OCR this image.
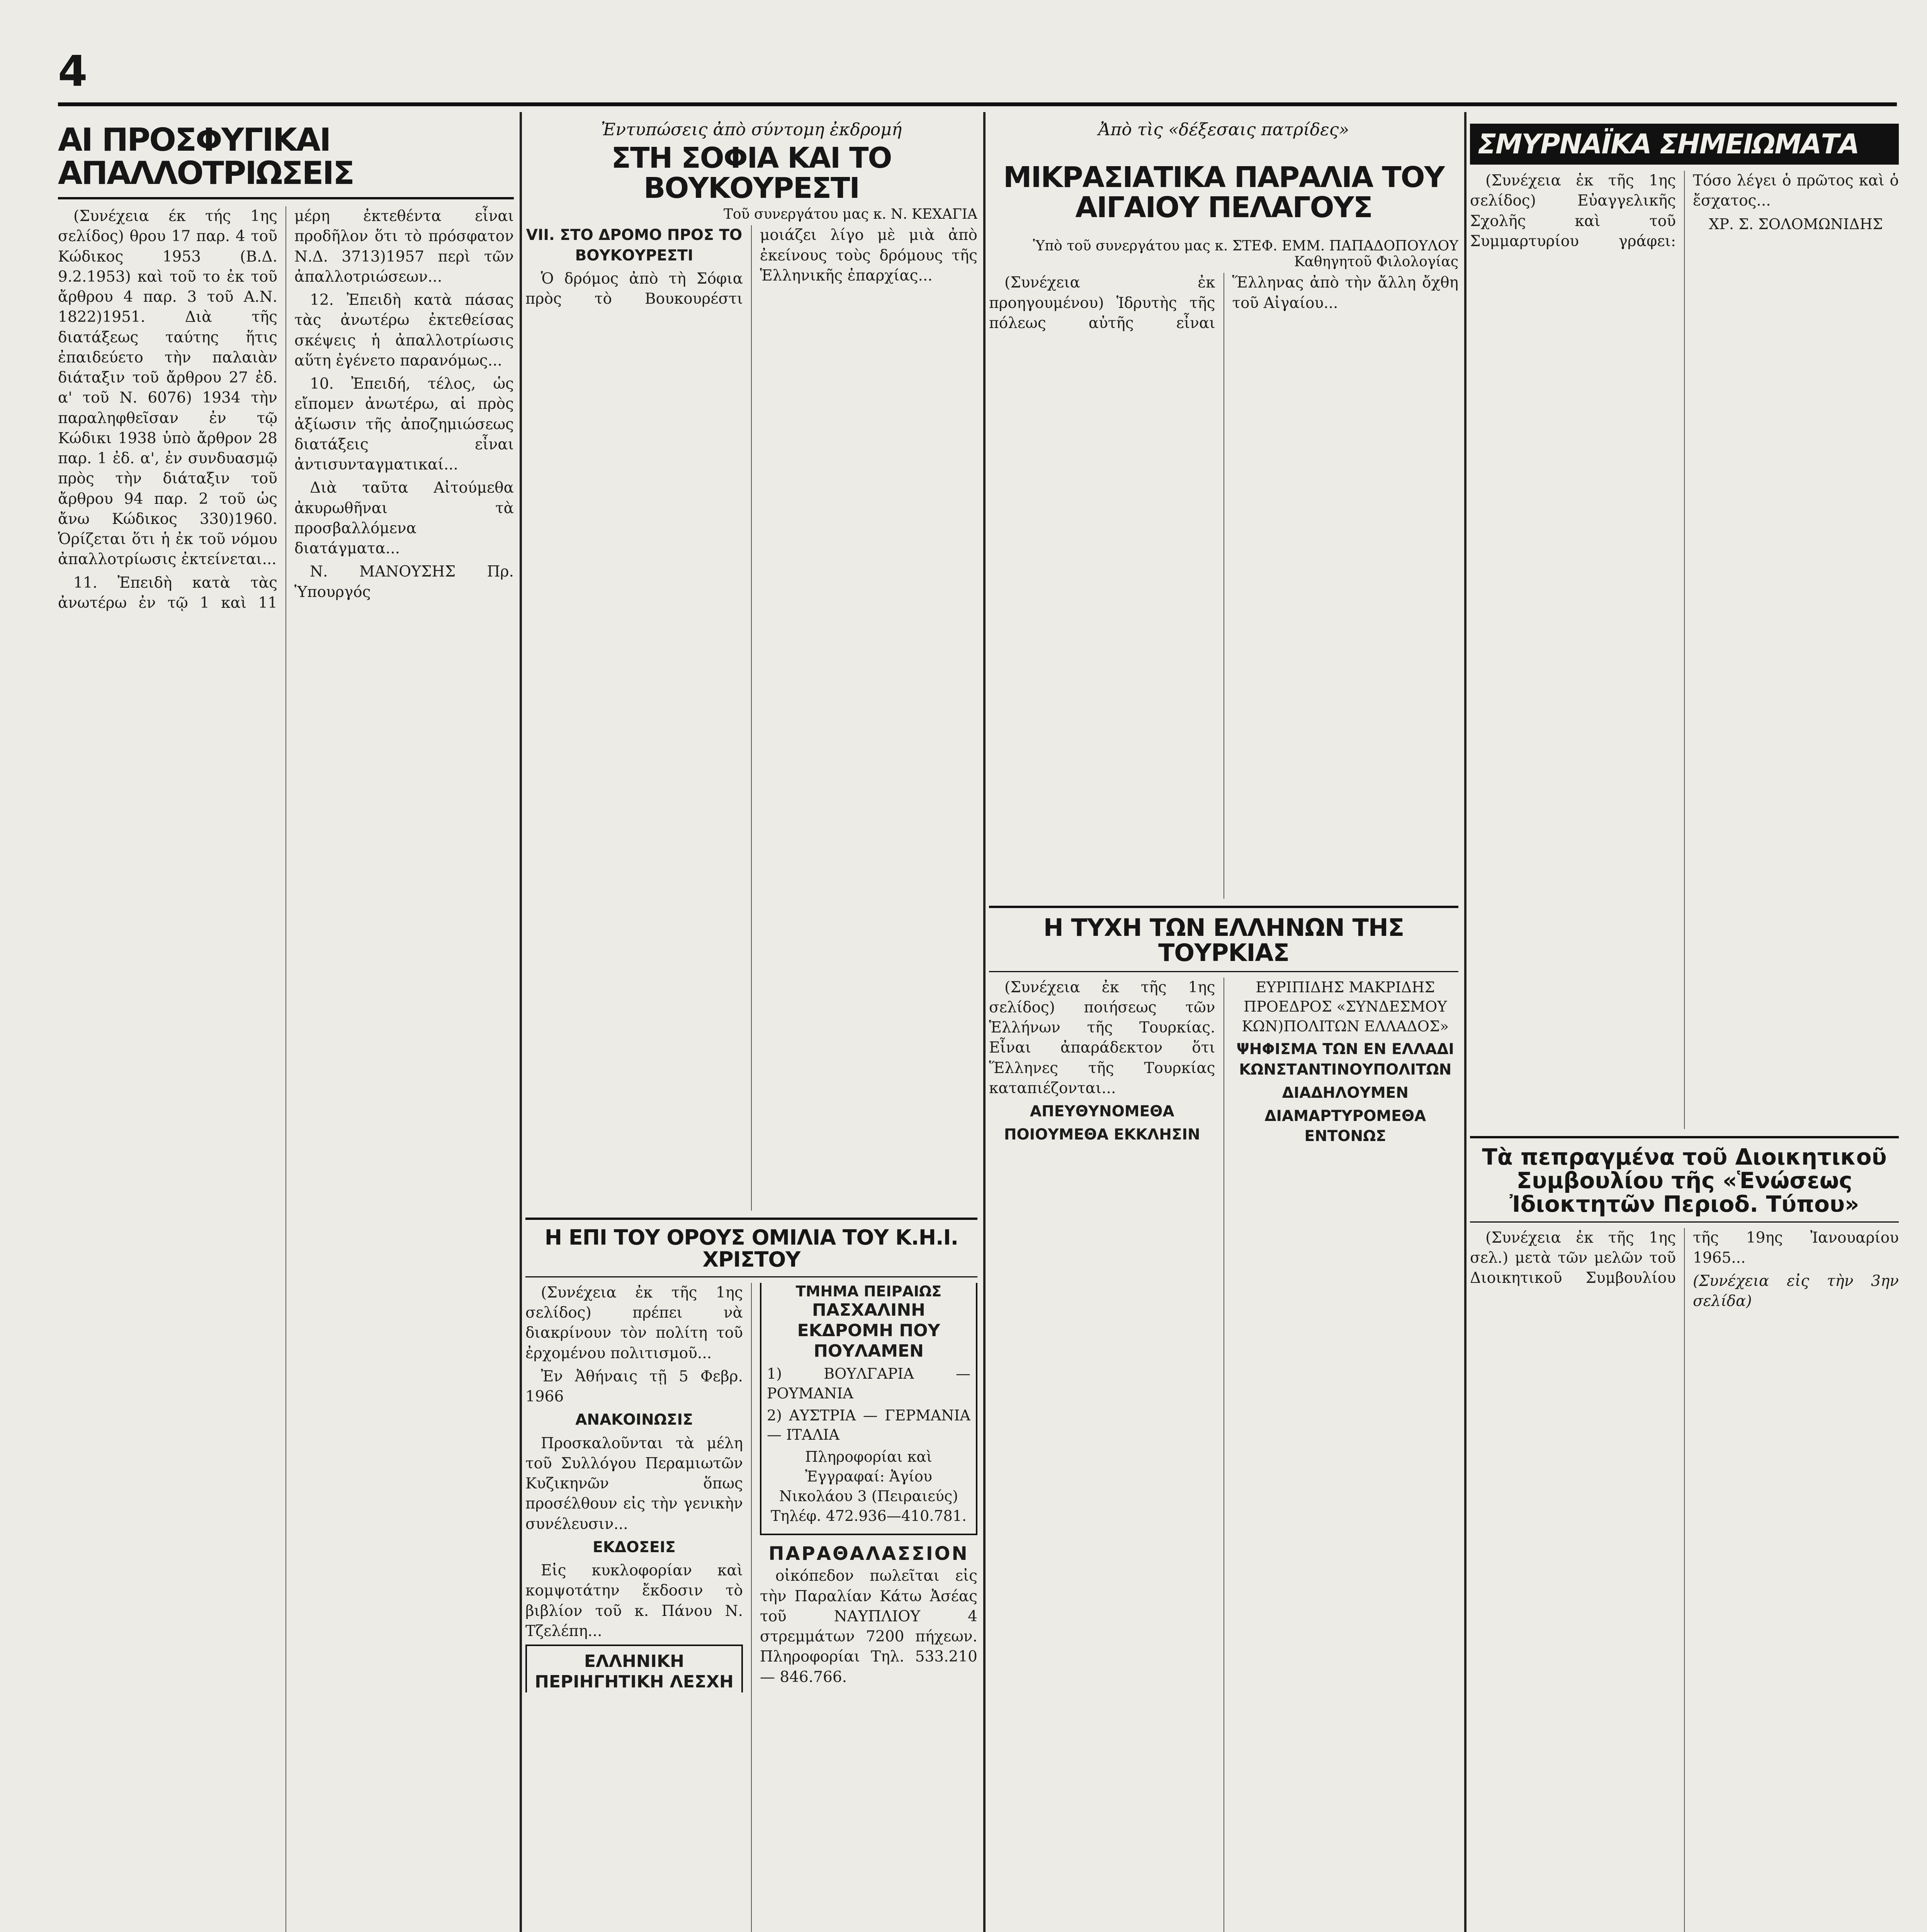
4
ΑΙ ΠΡΟΣΦΥΓΙΚΑΙ ΑΠΑΛΛΟΤΡΙΩΣΕΙΣ

(Συνέχεια έκ τής 1ης σελίδος) θρου 17 παρ. 4 τοῦ Κώδικος 1953 (Β.Δ. 9.2.1953) καὶ τοῦ το ἐκ τοῦ ἄρθρου 4 παρ. 3 τοῦ Α.Ν. 1822)1951. Διὰ τῆς διατάξεως ταύτης ἥτις ἐπαιδεύετο τὴν παλαιὰν διάταξιν τοῦ ἄρθρου 27 ἐδ. α' τοῦ Ν. 6076) 1934 τὴν παραληφθεῖσαν ἐν τῷ Κώδικι 1938 ὑπὸ ἄρθρον 28 παρ. 1 ἐδ. α', ἐν συνδυασμῷ πρὸς τὴν διάταξιν τοῦ ἄρθρου 94 παρ. 2 τοῦ ὡς ἄνω Κώδικος 330)1960. Ὁρίζεται ὅτι ἡ ἐκ τοῦ νόμου ἀπαλλοτρίωσις ἐκτείνεται...

11. Ἐπειδὴ κατὰ τὰς ἀνωτέρω ἐν τῷ 1 καὶ 11 μέρη ἐκτεθέντα εἶναι προδῆλον ὅτι τὸ πρόσφατον Ν.Δ. 3713)1957 περὶ τῶν ἀπαλλοτριώσεων...

12. Ἐπειδὴ κατὰ πάσας τὰς ἀνωτέρω ἐκτεθείσας σκέψεις ἡ ἀπαλλοτρίωσις αὕτη ἐγένετο παρανόμως...

10. Ἐπειδή, τέλος, ὡς εἴπομεν ἀνωτέρω, αἱ πρὸς ἀξίωσιν τῆς ἀποζημιώσεως διατάξεις εἶναι ἀντισυνταγματικαί...

Διὰ ταῦτα Αἰτούμεθα ἀκυρωθῆναι τὰ προσβαλλόμενα διατάγματα...

Ν. ΜΑΝΟΥΣΗΣ Πρ. Ὑπουργός

Ἐντυπώσεις ἀπὸ σύντομη ἐκδρομή
ΣΤΗ ΣΟΦΙΑ ΚΑΙ ΤΟ ΒΟΥΚΟΥΡΕΣΤΙ
Τοῦ συνεργάτου μας κ. Ν. ΚΕΧΑΓΙΑ

VII. ΣΤΟ ΔΡΟΜΟ ΠΡΟΣ ΤΟ ΒΟΥΚΟΥΡΕΣΤΙ

Ὁ δρόμος ἀπὸ τὴ Σόφια πρὸς τὸ Βουκουρέστι μοιάζει λίγο μὲ μιὰ ἀπὸ ἐκείνους τοὺς δρόμους τῆς Ἑλληνικῆς ἐπαρχίας...

Η ΕΠΙ ΤΟΥ ΟΡΟΥΣ ΟΜΙΛΙΑ ΤΟΥ Κ.Η.Ι. ΧΡΙΣΤΟΥ

(Συνέχεια ἐκ τῆς 1ης σελίδος) πρέπει νὰ διακρίνουν τὸν πολίτη τοῦ ἐρχομένου πολιτισμοῦ...

Ἐν Ἀθήναις τῇ 5 Φεβρ. 1966

ΑΝΑΚΟΙΝΩΣΙΣ

Προσκαλοῦνται τὰ μέλη τοῦ Συλλόγου Περαμιωτῶν Κυζικηνῶν ὅπως προσέλθουν εἰς τὴν γενικὴν συνέλευσιν...

ΕΚΔΟΣΕΙΣ

Εἰς κυκλοφορίαν καὶ κομψοτάτην ἔκδοσιν τὸ βιβλίον τοῦ κ. Πάνου Ν. Τζελέπη...

ΕΛΛΗΝΙΚΗ ΠΕΡΙΗΓΗΤΙΚΗ ΛΕΣΧΗ
ΤΜΗΜΑ ΠΕΙΡΑΙΩΣ
ΠΑΣΧΑΛΙΝΗ ΕΚΔΡΟΜΗ ΠΟΥ ΠΟΥΛΑΜΕΝ
1) ΒΟΥΛΓΑΡΙΑ — ΡΟΥΜΑΝΙΑ
2) ΑΥΣΤΡΙΑ — ΓΕΡΜΑΝΙΑ — ΙΤΑΛΙΑ
Πληροφορίαι καὶ Ἐγγραφαί: Ἀγίου Νικολάου 3 (Πειραιεύς) Τηλέφ. 472.936—410.781.
ΠΑΡΑΘΑΛΑΣΣΙΟΝ

οἰκόπεδον πωλεῖται εἰς τὴν Παραλίαν Κάτω Ἀσέας τοῦ ΝΑΥΠΛΙΟΥ 4 στρεμμάτων 7200 πήχεων. Πληροφορίαι Τηλ. 533.210 — 846.766.

Ἀπὸ τὶς «δέξεσαις πατρίδες»
ΜΙΚΡΑΣΙΑΤΙΚΑ ΠΑΡΑΛΙΑ ΤΟΥ ΑΙΓΑΙΟΥ ΠΕΛΑΓΟΥΣ
Ὑπὸ τοῦ συνεργάτου μας κ. ΣΤΕΦ. ΕΜΜ. ΠΑΠΑΔΟΠΟΥΛΟΥ Καθηγητοῦ Φιλολογίας

(Συνέχεια ἐκ προηγουμένου) Ἱδρυτὴς τῆς πόλεως αὐτῆς εἶναι Ἕλληνας ἀπὸ τὴν ἄλλη ὄχθη τοῦ Αἰγαίου...

Η ΤΥΧΗ ΤΩΝ ΕΛΛΗΝΩΝ ΤΗΣ ΤΟΥΡΚΙΑΣ

(Συνέχεια ἐκ τῆς 1ης σελίδος) ποιήσεως τῶν Ἑλλήνων τῆς Τουρκίας. Εἶναι ἀπαράδεκτον ὅτι Ἕλληνες τῆς Τουρκίας καταπιέζονται...

ΑΠΕΥΘΥΝΟΜΕΘΑ

ΠΟΙΟΥΜΕΘΑ ΕΚΚΛΗΣΙΝ

ΕΥΡΙΠΙΔΗΣ ΜΑΚΡΙΔΗΣ ΠΡΟΕΔΡΟΣ «ΣΥΝΔΕΣΜΟΥ ΚΩΝ)ΠΟΛΙΤΩΝ ΕΛΛΑΔΟΣ»

ΨΗΦΙΣΜΑ ΤΩΝ ΕΝ ΕΛΛΑΔΙ ΚΩΝΣΤΑΝΤΙΝΟΥΠΟΛΙΤΩΝ

ΔΙΑΔΗΛΟΥΜΕΝ

ΔΙΑΜΑΡΤΥΡΟΜΕΘΑ ΕΝΤΟΝΩΣ

ΣΜΥΡΝΑΪΚΑ ΣΗΜΕΙΩΜΑΤΑ

(Συνέχεια ἐκ τῆς 1ης σελίδος) Εὐαγγελικῆς Σχολῆς καὶ τοῦ Συμμαρτυρίου γράφει: Τόσο λέγει ὁ πρῶτος καὶ ὁ ἔσχατος...

ΧΡ. Σ. ΣΟΛΟΜΩΝΙΔΗΣ

Τὰ πεπραγμένα τοῦ Διοικητικοῦ Συμβουλίου τῆς «Ἑνώσεως Ἰδιοκτητῶν Περιοδ. Τύπου»

(Συνέχεια ἐκ τῆς 1ης σελ.) μετὰ τῶν μελῶν τοῦ Διοικητικοῦ Συμβουλίου τῆς 19ης Ἰανουαρίου 1965...

(Συνέχεια εἰς τὴν 3ην σελίδα)
